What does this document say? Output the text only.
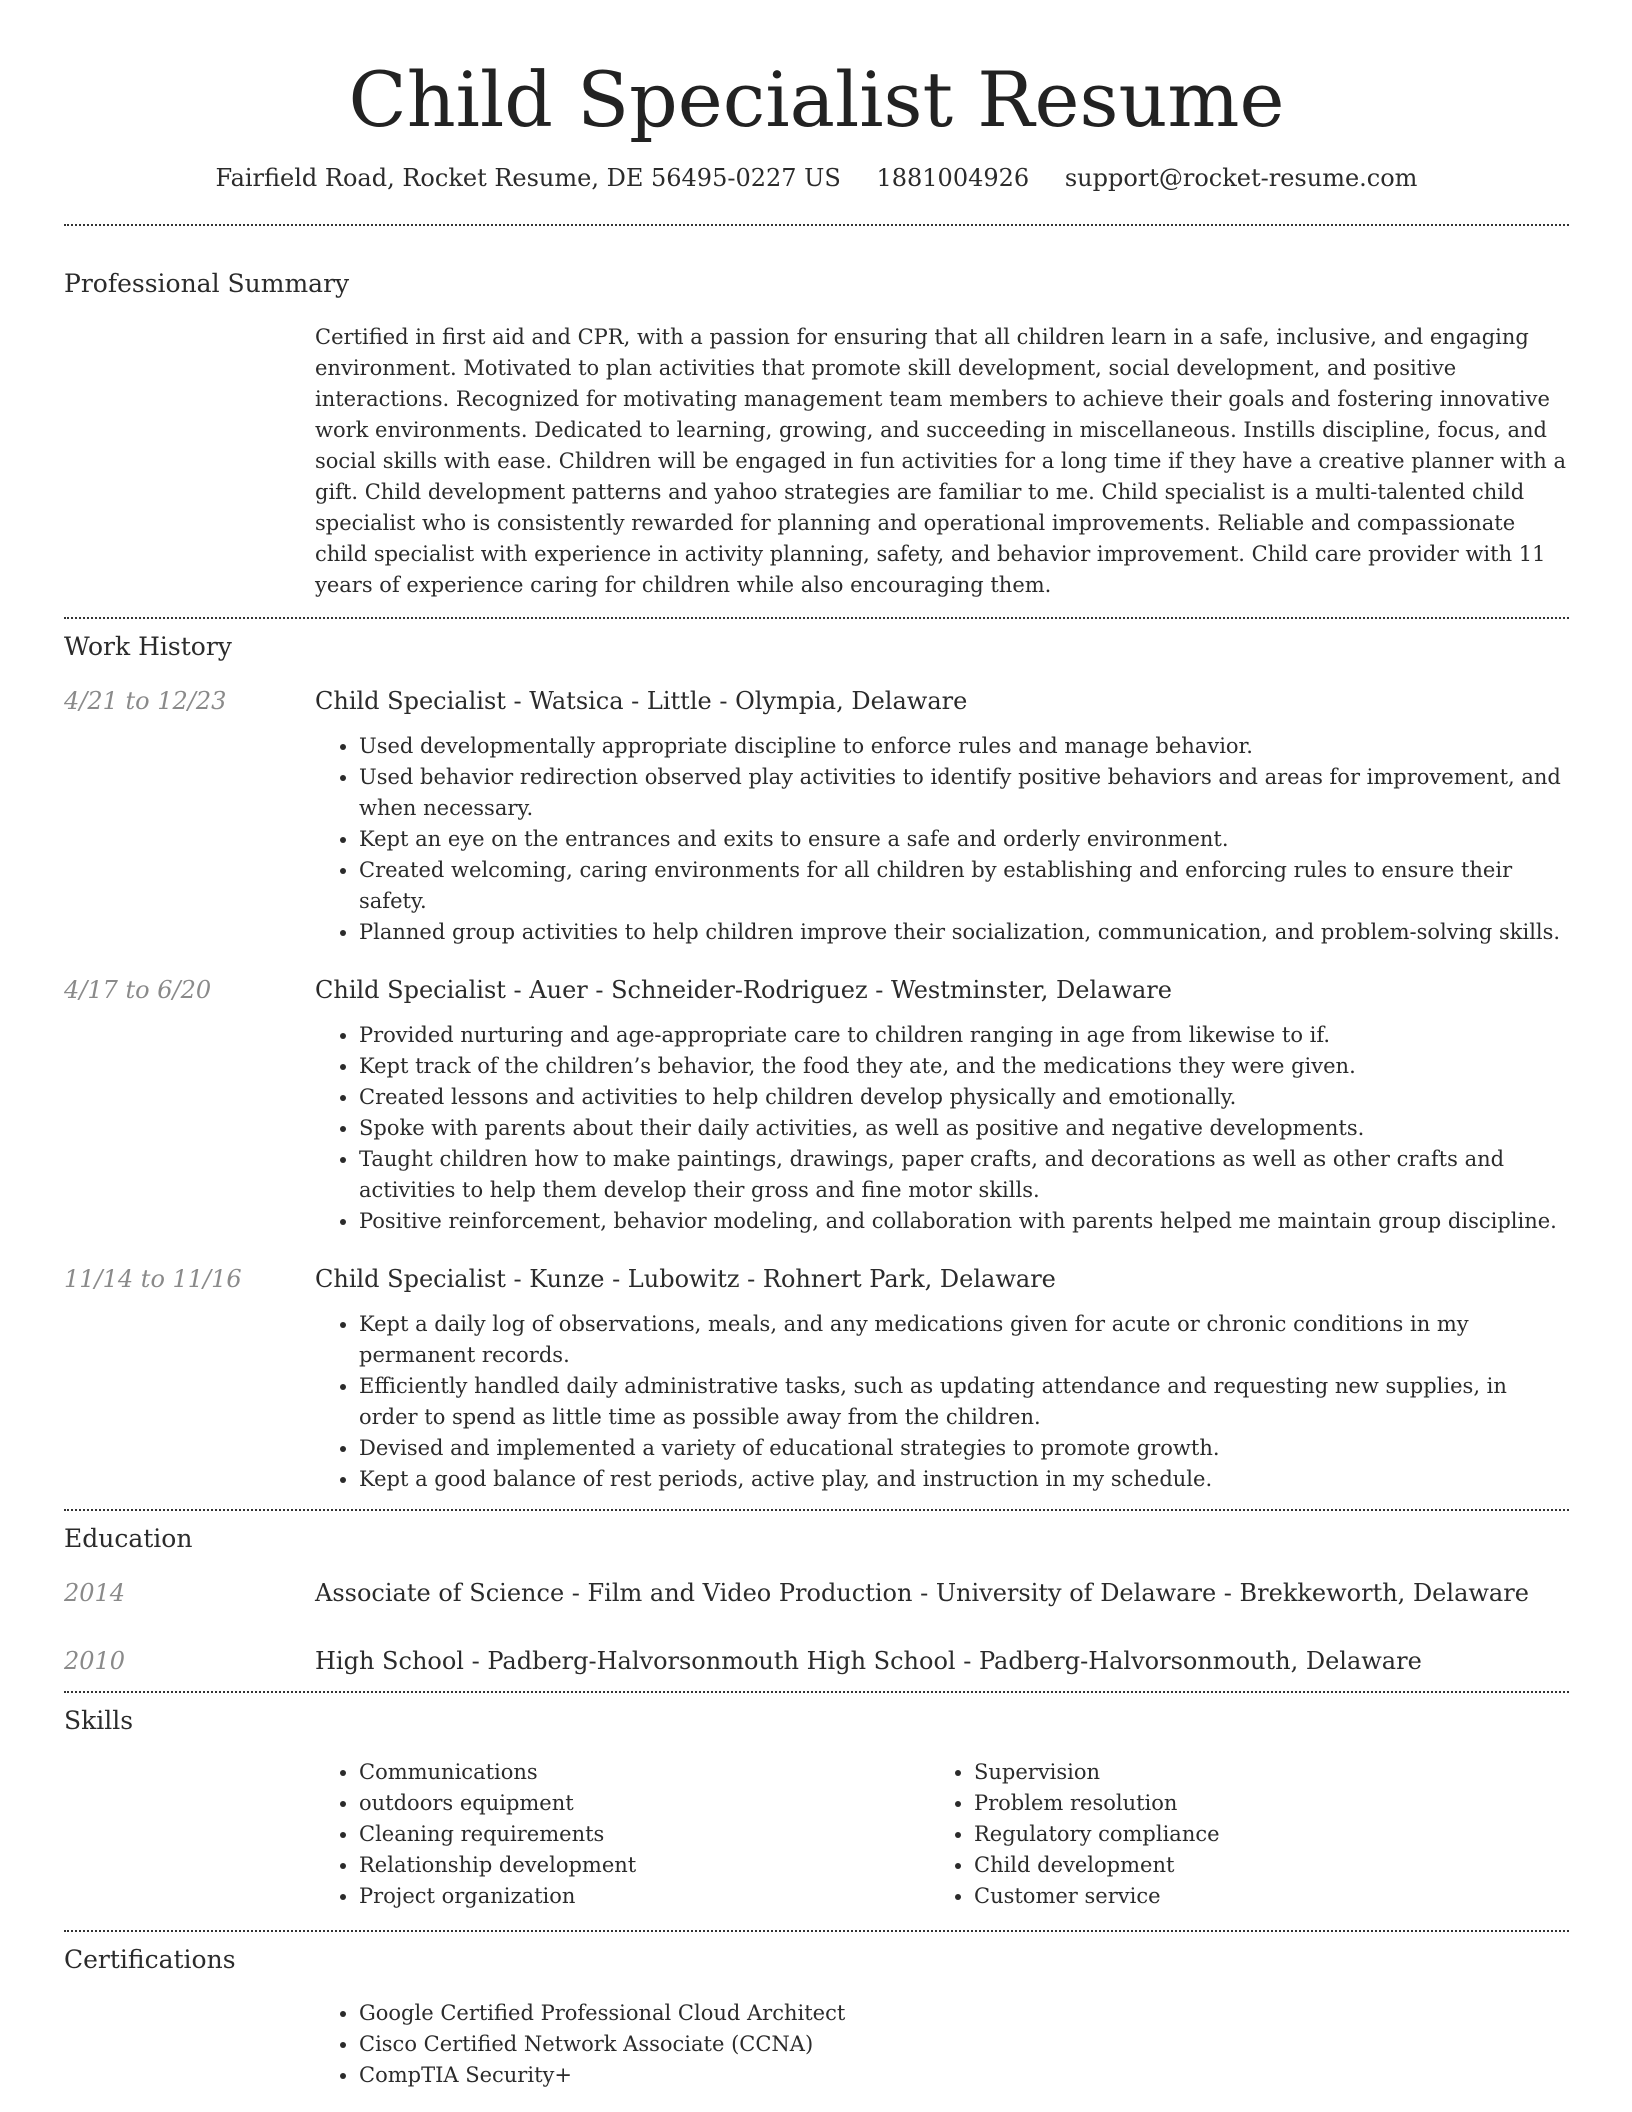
Child Specialist Resume
Fairfield Road, Rocket Resume, DE 56495-0227 US 1881004926 support@rocket-resume.com
Professional Summary
Certified in first aid and CPR, with a passion for ensuring that all children learn in a safe, inclusive, and engaging environment. Motivated to plan activities that promote skill development, social development, and positive interactions. Recognized for motivating management team members to achieve their goals and fostering innovative work environments. Dedicated to learning, growing, and succeeding in miscellaneous. Instills discipline, focus, and social skills with ease. Children will be engaged in fun activities for a long time if they have a creative planner with a gift. Child development patterns and yahoo strategies are familiar to me. Child specialist is a multi-talented child specialist who is consistently rewarded for planning and operational improvements. Reliable and compassionate child specialist with experience in activity planning, safety, and behavior improvement. Child care provider with 11 years of experience caring for children while also encouraging them.
Work History
4/21 to 12/23	Child Specialist - Watsica - Little - Olympia, Delaware
• Used developmentally appropriate discipline to enforce rules and manage behavior.
• Used behavior redirection observed play activities to identify positive behaviors and areas for improvement, and when necessary.
• Kept an eye on the entrances and exits to ensure a safe and orderly environment.
• Created welcoming, caring environments for all children by establishing and enforcing rules to ensure their safety.
• Planned group activities to help children improve their socialization, communication, and problem-solving skills.
4/17 to 6/20	Child Specialist - Auer - Schneider-Rodriguez - Westminster, Delaware
• Provided nurturing and age-appropriate care to children ranging in age from likewise to if.
• Kept track of the children’s behavior, the food they ate, and the medications they were given.
• Created lessons and activities to help children develop physically and emotionally.
• Spoke with parents about their daily activities, as well as positive and negative developments.
• Taught children how to make paintings, drawings, paper crafts, and decorations as well as other crafts and activities to help them develop their gross and fine motor skills.
• Positive reinforcement, behavior modeling, and collaboration with parents helped me maintain group discipline.
11/14 to 11/16	Child Specialist - Kunze - Lubowitz - Rohnert Park, Delaware
• Kept a daily log of observations, meals, and any medications given for acute or chronic conditions in my permanent records.
• Efficiently handled daily administrative tasks, such as updating attendance and requesting new supplies, in order to spend as little time as possible away from the children.
• Devised and implemented a variety of educational strategies to promote growth.
• Kept a good balance of rest periods, active play, and instruction in my schedule.
Education
2014	Associate of Science - Film and Video Production - University of Delaware - Brekkeworth, Delaware
2010	High School - Padberg-Halvorsonmouth High School - Padberg-Halvorsonmouth, Delaware
Skills
• Communications
• outdoors equipment
• Cleaning requirements
• Relationship development
• Project organization
• Supervision
• Problem resolution
• Regulatory compliance
• Child development
• Customer service
Certifications
• Google Certified Professional Cloud Architect
• Cisco Certified Network Associate (CCNA)
• CompTIA Security+
